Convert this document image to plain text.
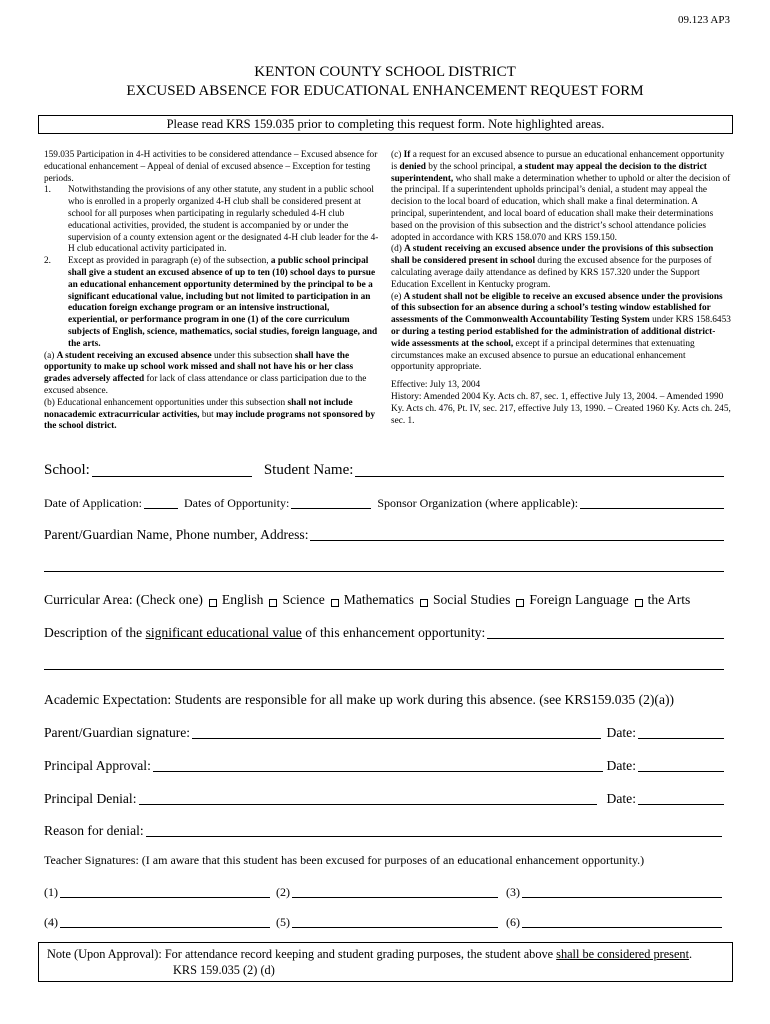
09.123 AP3
KENTON COUNTY SCHOOL DISTRICT
EXCUSED ABSENCE FOR EDUCATIONAL ENHANCEMENT REQUEST FORM
Please read KRS 159.035 prior to completing this request form. Note highlighted areas.

159.035 Participation in 4-H activities to be considered attendance – Excused absence for educational enhancement – Appeal of denial of excused absence – Exception for testing periods.

1. Notwithstanding the provisions of any other statute, any student in a public school who is enrolled in a properly organized 4-H club shall be considered present at school for all purposes when participating in regularly scheduled 4-H club educational activities, provided, the student is accompanied by or under the supervision of a county extension agent or the designated 4-H club leader for the 4-H club educational activity participated in.
2. Except as provided in paragraph (e) of the subsection, a public school principal shall give a student an excused absence of up to ten (10) school days to pursue an educational enhancement opportunity determined by the principal to be a significant educational value, including but not limited to participation in an education foreign exchange program or an intensive instructional, experiential, or performance program in one (1) of the core curriculum subjects of English, science, mathematics, social studies, foreign language, and the arts.

(a) A student receiving an excused absence under this subsection shall have the opportunity to make up school work missed and shall not have his or her class grades adversely affected for lack of class attendance or class participation due to the excused absence.

(b) Educational enhancement opportunities under this subsection shall not include nonacademic extracurricular activities, but may include programs not sponsored by the school district.

(c) If a request for an excused absence to pursue an educational enhancement opportunity is denied by the school principal, a student may appeal the decision to the district superintendent, who shall make a determination whether to uphold or alter the decision of the principal. If a superintendent upholds principal’s denial, a student may appeal the decision to the local board of education, which shall make a final determination. A principal, superintendent, and local board of education shall make their determinations based on the provision of this subsection and the district’s school attendance policies adopted in accordance with KRS 158.070 and KRS 159.150.

(d) A student receiving an excused absence under the provisions of this subsection shall be considered present in school during the excused absence for the purposes of calculating average daily attendance as defined by KRS 157.320 under the Support Education Excellent in Kentucky program.

(e) A student shall not be eligible to receive an excused absence under the provisions of this subsection for an absence during a school’s testing window established for assessments of the Commonwealth Accountability Testing System under KRS 158.6453 or during a testing period established for the administration of additional district-wide assessments at the school, except if a principal determines that extenuating circumstances make an excused absence to pursue an educational enhancement opportunity appropriate.

Effective: July 13, 2004

History: Amended 2004 Ky. Acts ch. 87, sec. 1, effective July 13, 2004. – Amended 1990 Ky. Acts ch. 476, Pt. IV, sec. 217, effective July 13, 1990. – Created 1960 Ky. Acts ch. 245, sec. 1.

School:	Student Name:
Date of Application:	Dates of Opportunity:	Sponsor Organization (where applicable):
Parent/Guardian Name, Phone number, Address:
Curricular Area: (Check one) English Science Mathematics Social Studies Foreign Language the Arts
Description of the significant educational value of this enhancement opportunity:
Academic Expectation: Students are responsible for all make up work during this absence. (see KRS159.035 (2)(a))
Parent/Guardian signature:	Date:
Principal Approval:	Date:
Principal Denial:	Date:
Reason for denial:
Teacher Signatures: (I am aware that this student has been excused for purposes of an educational enhancement opportunity.)
(1)	(2)	(3)
(4)	(5)	(6)
Note (Upon Approval): For attendance record keeping and student grading purposes, the student above shall be considered present.
KRS 159.035 (2) (d)
